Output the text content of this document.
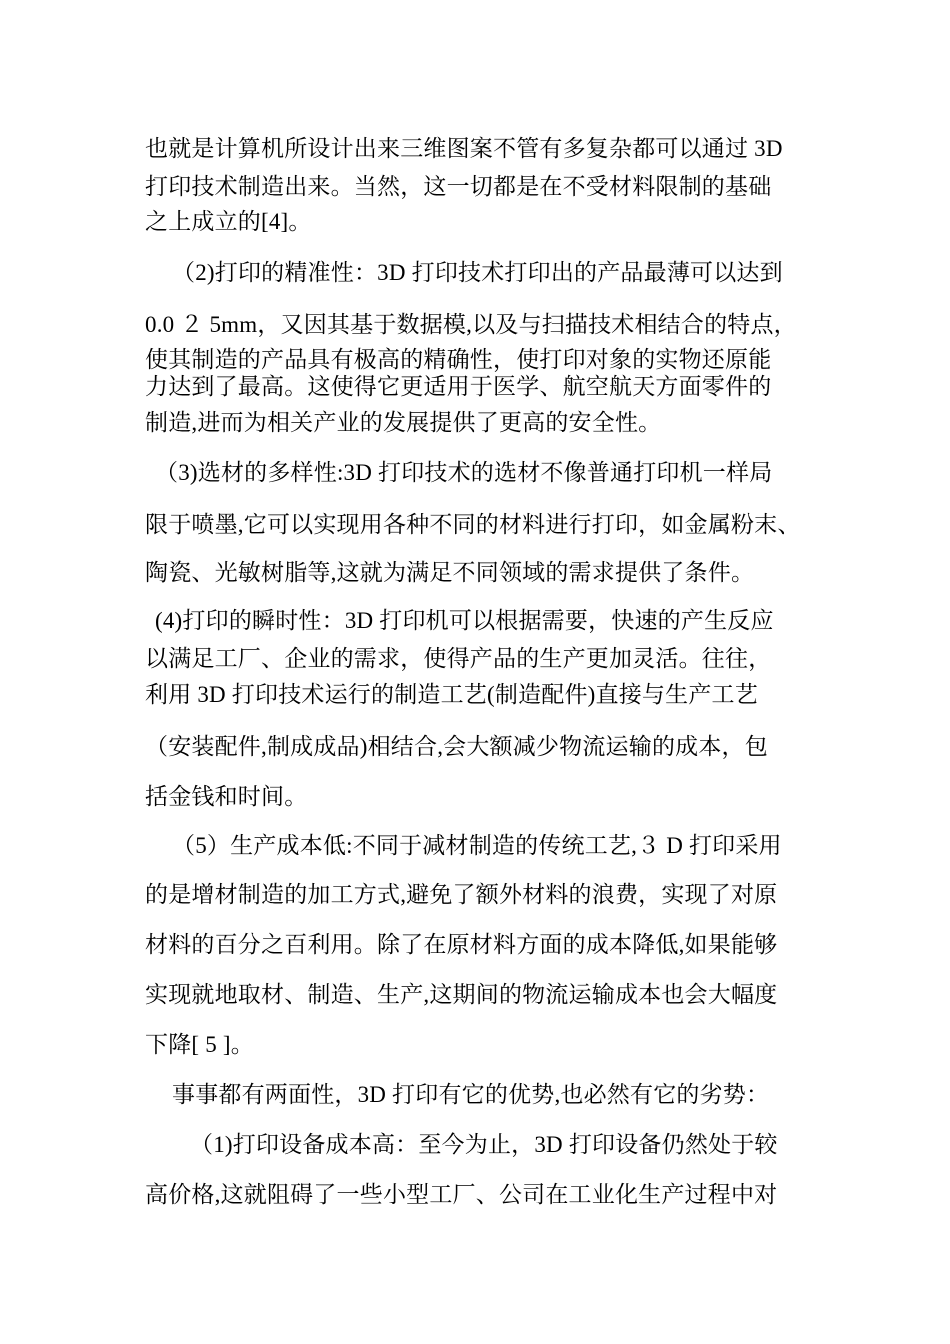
也就是计算机所设计出来三维图案不管有多复杂都可以通过 3D
打印技术制造出来。当然，这一切都是在不受材料限制的基础
之上成立的[4]。
（2)打印的精准性：3D 打印技术打印出的产品最薄可以达到
0.0 ２ 5mm，又因其基于数据模,以及与扫描技术相结合的特点，
使其制造的产品具有极高的精确性，使打印对象的实物还原能
力达到了最高。这使得它更适用于医学、航空航天方面零件的
制造,进而为相关产业的发展提供了更高的安全性。
（3)选材的多样性:3D 打印技术的选材不像普通打印机一样局
限于喷墨,它可以实现用各种不同的材料进行打印，如金属粉末、
陶瓷、光敏树脂等,这就为满足不同领域的需求提供了条件。
(4)打印的瞬时性：3D 打印机可以根据需要，快速的产生反应
以满足工厂、企业的需求，使得产品的生产更加灵活。往往，
利用 3D 打印技术运行的制造工艺(制造配件)直接与生产工艺
（安装配件,制成成品)相结合,会大额减少物流运输的成本，包
括金钱和时间。
（5）生产成本低:不同于减材制造的传统工艺,３ D 打印采用
的是增材制造的加工方式,避免了额外材料的浪费，实现了对原
材料的百分之百利用。除了在原材料方面的成本降低,如果能够
实现就地取材、制造、生产,这期间的物流运输成本也会大幅度
下降[ 5 ]。
事事都有两面性，3D 打印有它的优势,也必然有它的劣势：
（1)打印设备成本高：至今为止，3D 打印设备仍然处于较
高价格,这就阻碍了一些小型工厂、公司在工业化生产过程中对
